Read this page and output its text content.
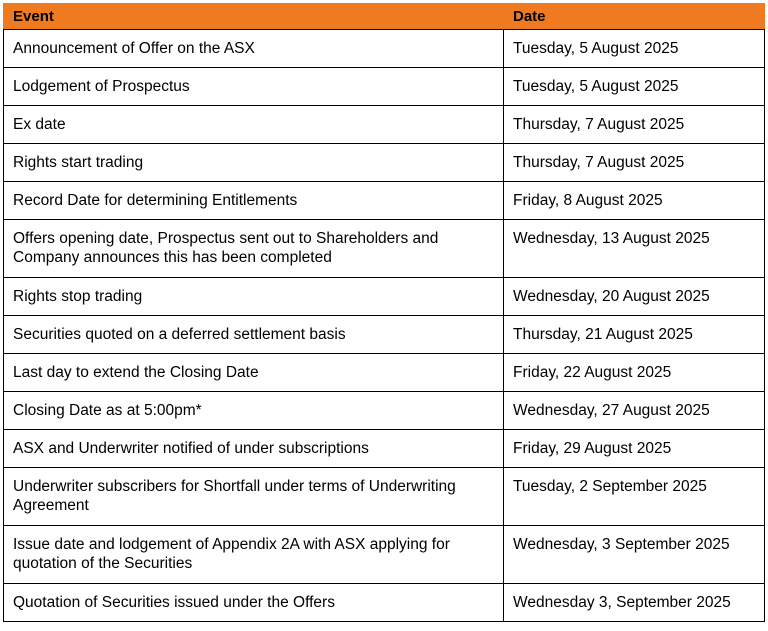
Event	Date
Announcement of Offer on the ASX	Tuesday, 5 August 2025
Lodgement of Prospectus	Tuesday, 5 August 2025
Ex date	Thursday, 7 August 2025
Rights start trading	Thursday, 7 August 2025
Record Date for determining Entitlements	Friday, 8 August 2025
Offers opening date, Prospectus sent out to Shareholders and Company announces this has been completed	Wednesday, 13 August 2025
Rights stop trading	Wednesday, 20 August 2025
Securities quoted on a deferred settlement basis	Thursday, 21 August 2025
Last day to extend the Closing Date	Friday, 22 August 2025
Closing Date as at 5:00pm*	Wednesday, 27 August 2025
ASX and Underwriter notified of under subscriptions	Friday, 29 August 2025
Underwriter subscribers for Shortfall under terms of Underwriting Agreement	Tuesday, 2 September 2025
Issue date and lodgement of Appendix 2A with ASX applying for quotation of the Securities	Wednesday, 3 September 2025
Quotation of Securities issued under the Offers	Wednesday 3, September 2025
